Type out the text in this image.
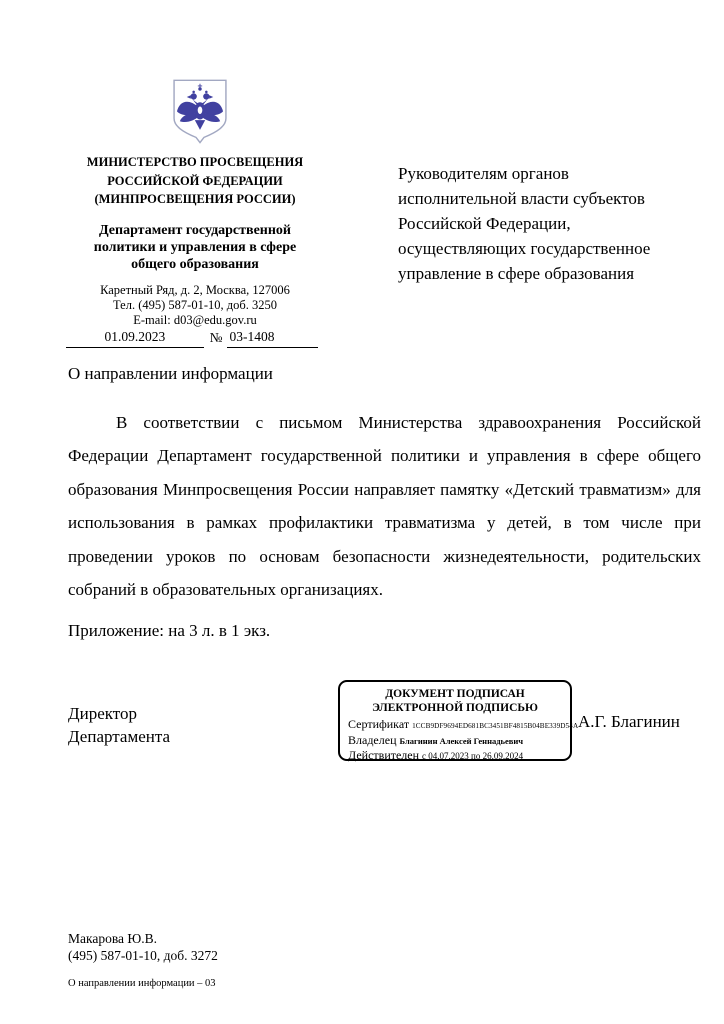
МИНИСТЕРСТВО ПРОСВЕЩЕНИЯ
РОССИЙСКОЙ ФЕДЕРАЦИИ
(МИНПРОСВЕЩЕНИЯ РОССИИ)
Департамент государственной
политики и управления в сфере
общего образования
Каретный Ряд, д. 2, Москва, 127006
Тел. (495) 587-01-10, доб. 3250
E-mail: d03@edu.gov.ru
01.09.2023	№ 03-1408
Руководителям органов
исполнительной власти субъектов
Российской Федерации,
осуществляющих государственное
управление в сфере образования
О направлении информации
В соответствии с письмом Министерства здравоохранения Российской Федерации Департамент государственной политики и управления в сфере общего образования Минпросвещения России направляет памятку «Детский травматизм» для использования в рамках профилактики травматизма у детей, в том числе при проведении уроков по основам безопасности жизнедеятельности, родительских собраний в образовательных организациях.
Приложение: на 3 л. в 1 экз.
Директор
Департамента
ДОКУМЕНТ ПОДПИСАН
ЭЛЕКТРОННОЙ ПОДПИСЬЮ
Сертификат 1CCB9DF9694ED681BC3451BF4815B04BE339D54A
Владелец Благинин Алексей Геннадьевич
Действителен с 04.07.2023 по 26.09.2024
А.Г. Благинин
Макарова Ю.В.
(495) 587-01-10, доб. 3272
О направлении информации – 03
